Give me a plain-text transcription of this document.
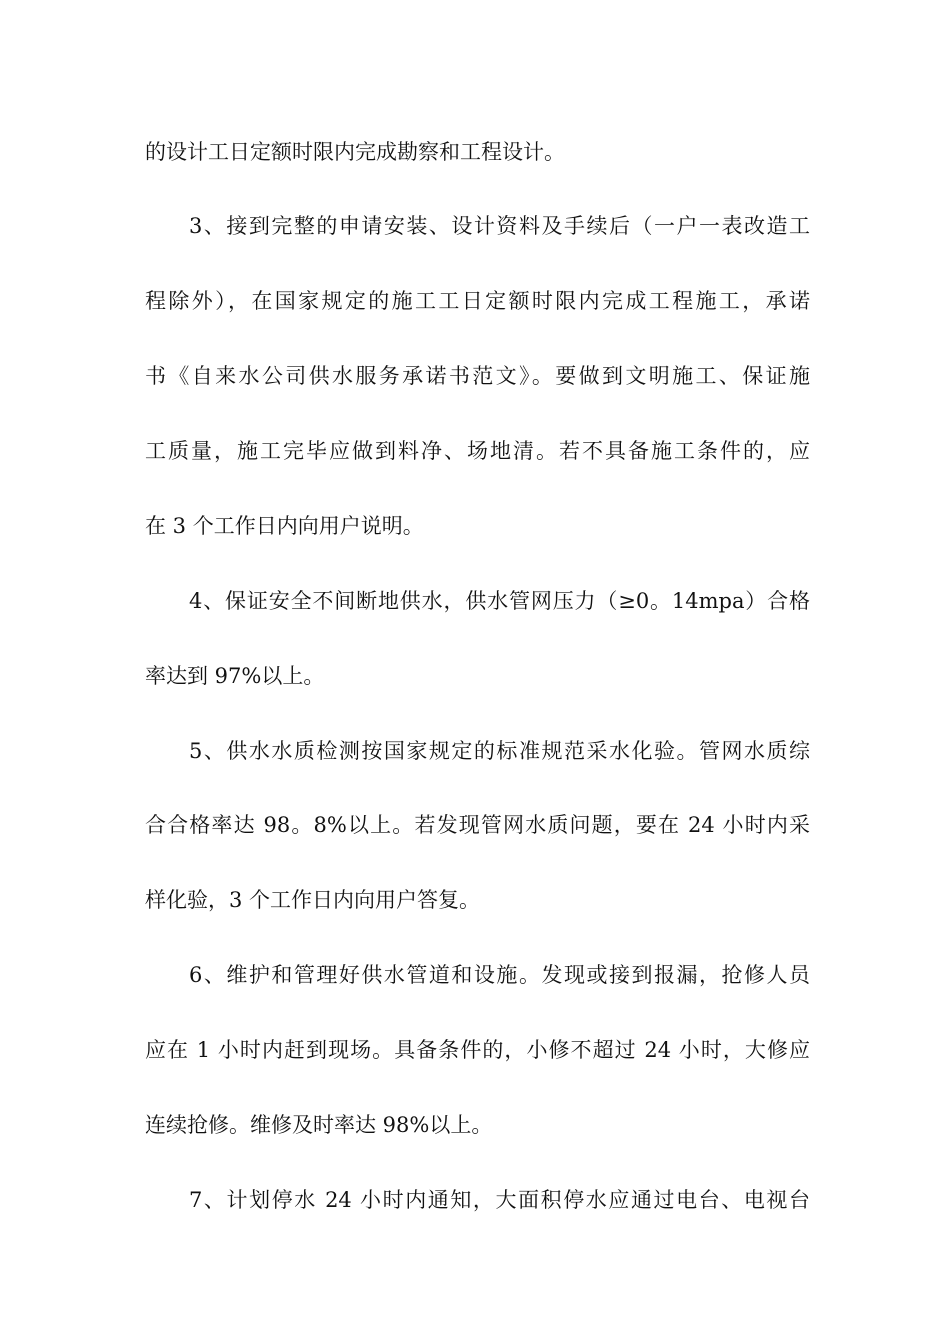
的设计工日定额时限内完成勘察和工程设计。
3、接到完整的申请安装、设计资料及手续后（一户一表改造工
程除外），在国家规定的施工工日定额时限内完成工程施工，承诺
书《自来水公司供水服务承诺书范文》。要做到文明施工、保证施
工质量，施工完毕应做到料净、场地清。若不具备施工条件的，应
在 3 个工作日内向用户说明。
4、保证安全不间断地供水，供水管网压力（≥0。14mpa）合格
率达到 97%以上。
5、供水水质检测按国家规定的标准规范采水化验。管网水质综
合合格率达 98。8%以上。若发现管网水质问题，要在 24 小时内采
样化验，3 个工作日内向用户答复。
6、维护和管理好供水管道和设施。发现或接到报漏，抢修人员
应在 1 小时内赶到现场。具备条件的，小修不超过 24 小时，大修应
连续抢修。维修及时率达 98%以上。
7、计划停水 24 小时内通知，大面积停水应通过电台、电视台
